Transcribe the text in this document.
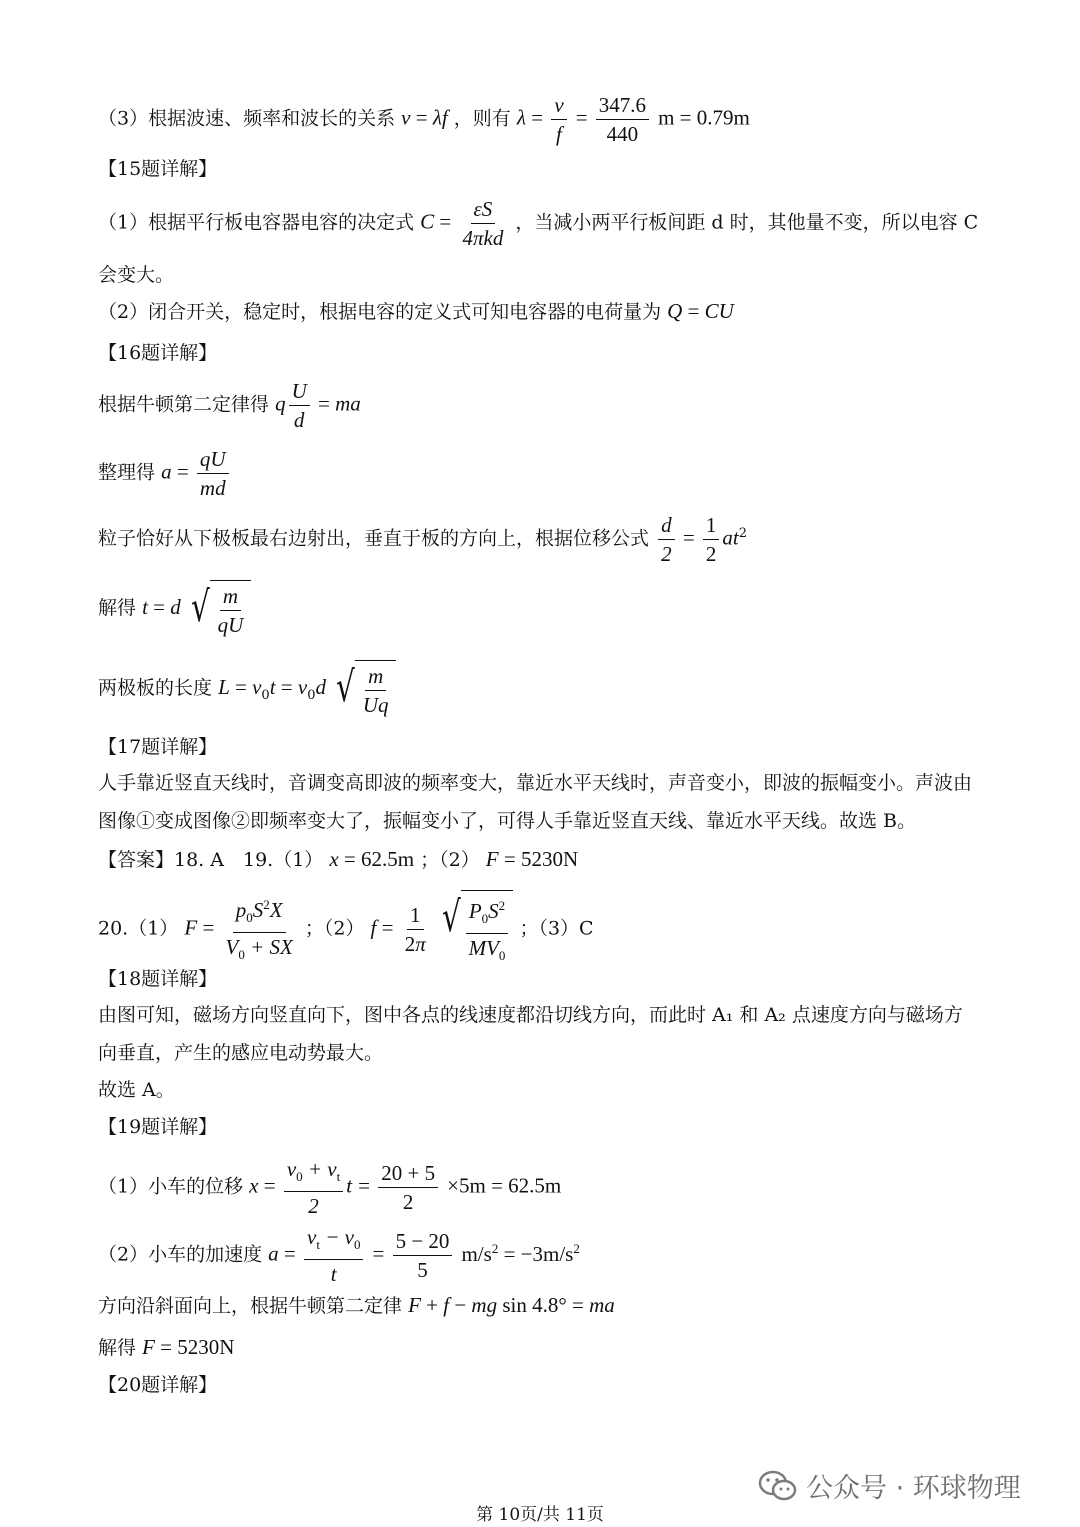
（3）根据波速、频率和波长的关系 v = λf ，则有 $\lambda = \frac{v}{f} = \frac{347.6}{440}$ m = 0.79m
【15题详解】
（1）根据平行板电容器电容的决定式 $C = \frac{\varepsilon S}{\text{4πkd}}$ ，当减小两平行板间距 d 时，其他量不变，所以电容 C
会变大。
（2）闭合开关，稳定时，根据电容的定义式可知电容器的电荷量为 Q = CU
【16题详解】
根据牛顿第二定律得 q $\frac{U}{d}$ = ma
整理得 $a = \frac{qU}{md}$
粒子恰好从下极板最右边射出，垂直于板的方向上，根据位移公式 $\frac{d}{2} = \frac{1}{2} at^2$
解得 t = d √ $\frac{m}{qU}$
两极板的长度 $L = v_0t = v_0d$ √ $\frac{m}{Uq}$
【17题详解】
人手靠近竖直天线时，音调变高即波的频率变大，靠近水平天线时，声音变小，即波的振幅变小。声波由图像①变成图像②即频率变大了，振幅变小了，可得人手靠近竖直天线、靠近水平天线。故选 B。
【答案】18. A　19.（1） x = 62.5m ；（2） F = 5230N
20.（1） $F = \frac{p_0S^2X}{V_0 + SX}$ ；（2） $f = \frac{1}{2\pi}$
√ $\frac{P_0S^2}{MV_0}$ ；（3）C
【18题详解】
由图可知，磁场方向竖直向下，图中各点的线速度都沿切线方向，而此时 A₁ 和 A₂ 点速度方向与磁场方向垂直，产生的感应电动势最大。
故选 A。
【19题详解】
（1）小车的位移 $x = \frac{v_0 + v_t}{2}$ $t = \frac{20 + 5}{2} \times 5m = 62.5m$
（2）小车的加速度 $a = \frac{v_t - v_0}{t} = \frac{5 - 20}{5} m/s^2 = -3m/s^2$
方向沿斜面向上，根据牛顿第二定律 F + f − mg sin 4.8° = ma
解得 F = 5230N
【20题详解】
公众号 · 环球物理
第 10页/共 11页
